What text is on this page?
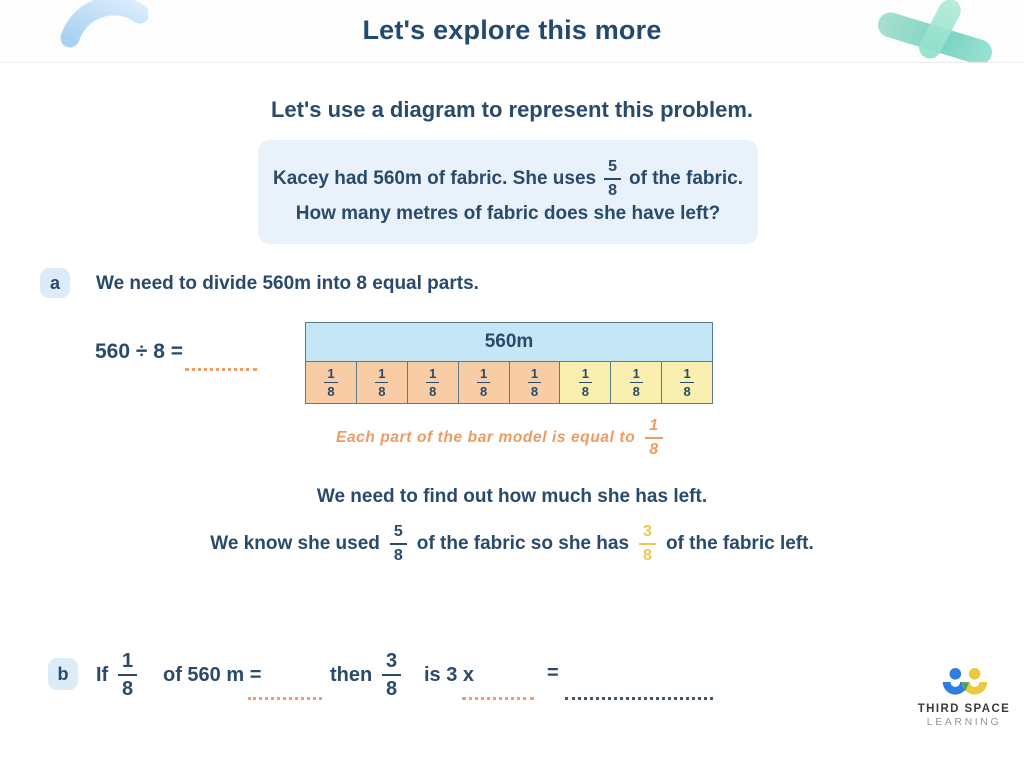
Let's explore this more
Let's use a diagram to represent this problem.
Kacey had 560m of fabric. She uses $\frac{5}{8}$ of the fabric.
How many metres of fabric does she have left?
a	We need to divide 560m into 8 equal parts.
560 ÷ 8 =	560m
$\frac{1}{8}$	$\frac{1}{8}$	$\frac{1}{8}$	$\frac{1}{8}$	$\frac{1}{8}$	$\frac{1}{8}$	$\frac{1}{8}$	$\frac{1}{8}$
Each part of the bar model is equal to $\frac{1}{8}$
We need to find out how much she has left.
We know she used $\frac{5}{8}$ of the fabric so she has $\frac{3}{8}$ of the fabric left.
b	If $\frac{1}{8}$ of 560 m =	then $\frac{3}{8}$ is 3 x	=
THIRD SPACE
LEARNING
